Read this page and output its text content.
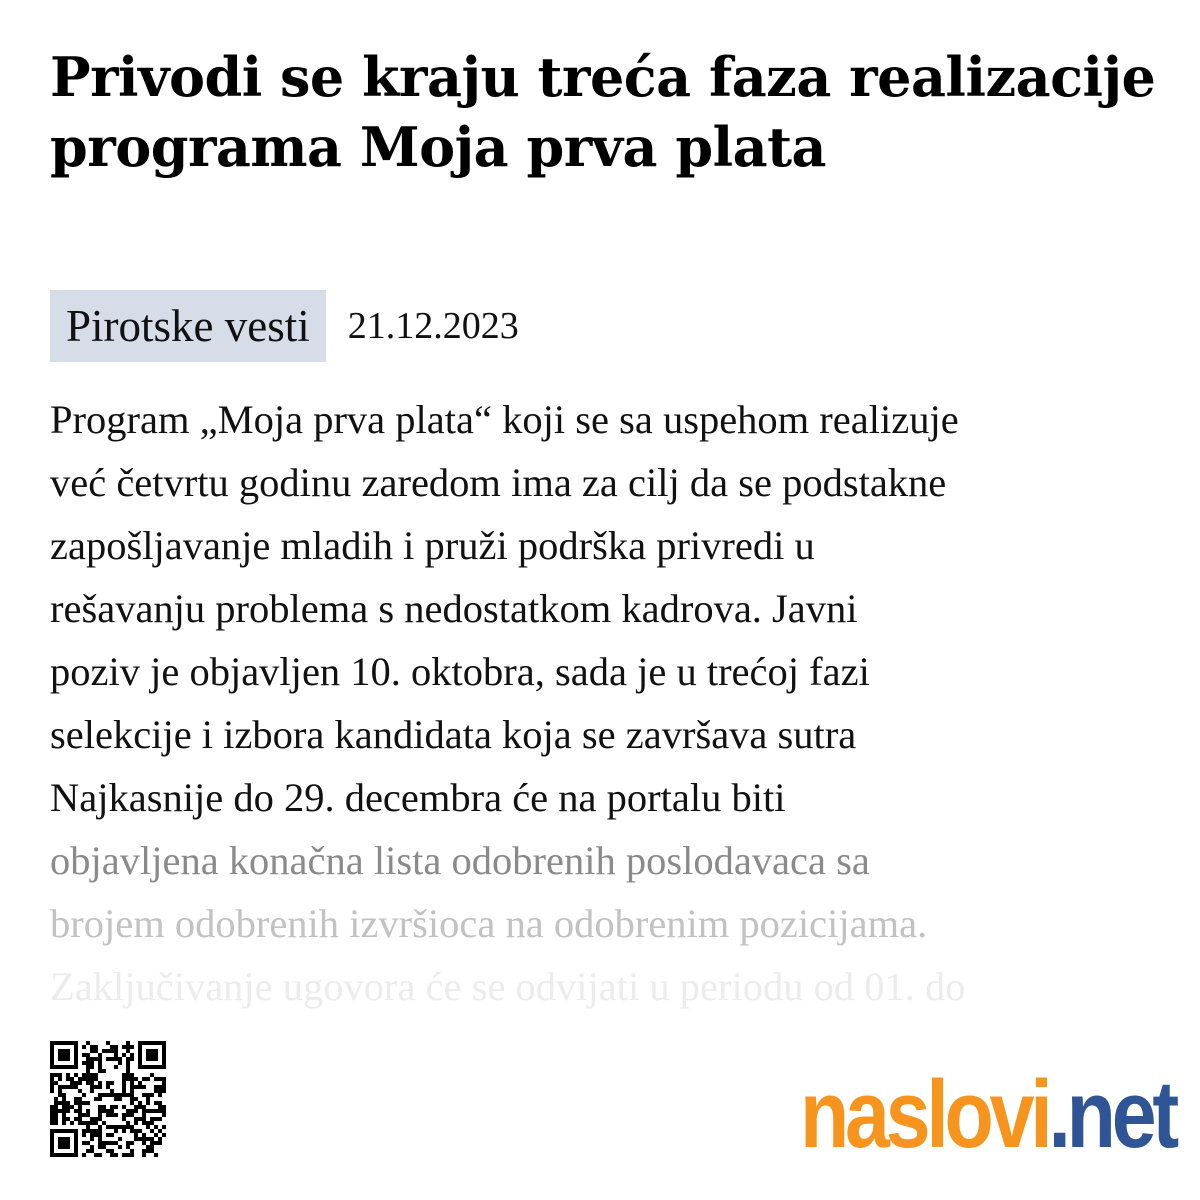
Privodi se kraju treća faza realizacije programa Moja prva plata
Pirotske vesti	21.12.2023
Program „Moja prva plata“ koji se sa uspehom realizuje
već četvrtu godinu zaredom ima za cilj da se podstakne
zapošljavanje mladih i pruži podrška privredi u
rešavanju problema s nedostatkom kadrova. Javni
poziv je objavljen 10. oktobra, sada je u trećoj fazi
selekcije i izbora kandidata koja se završava sutra
Najkasnije do 29. decembra će na portalu biti
objavljena konačna lista odobrenih poslodavaca sa
brojem odobrenih izvršioca na odobrenim pozicijama.
Zaključivanje ugovora će se odvijati u periodu od 01. do
naslovi .net
